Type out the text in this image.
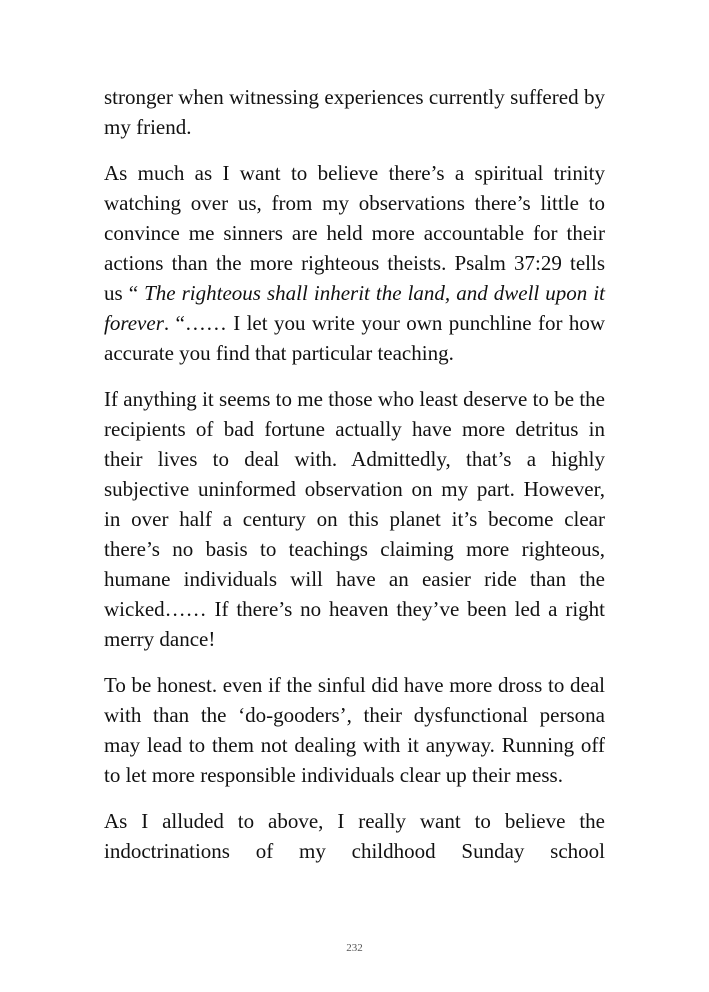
stronger when witnessing experiences currently suffered by my friend.

As much as I want to believe there’s a spiritual trinity watching over us, from my observations there’s little to convince me sinners are held more accountable for their actions than the more righteous theists. Psalm 37:29 tells us “ The righteous shall inherit the land, and dwell upon it forever. “…… I let you write your own punchline for how accurate you find that particular teaching.

If anything it seems to me those who least deserve to be the recipients of bad fortune actually have more detritus in their lives to deal with. Admittedly, that’s a highly subjective uninformed observation on my part. However, in over half a century on this planet it’s become clear there’s no basis to teachings claiming more righteous, humane individuals will have an easier ride than the wicked…… If there’s no heaven they’ve been led a right merry dance!

To be honest. even if the sinful did have more dross to deal with than the ‘do-gooders’, their dysfunctional persona may lead to them not dealing with it anyway. Running off to let more responsible individuals clear up their mess.

As I alluded to above, I really want to believe the indoctrinations of my childhood Sunday school

232
